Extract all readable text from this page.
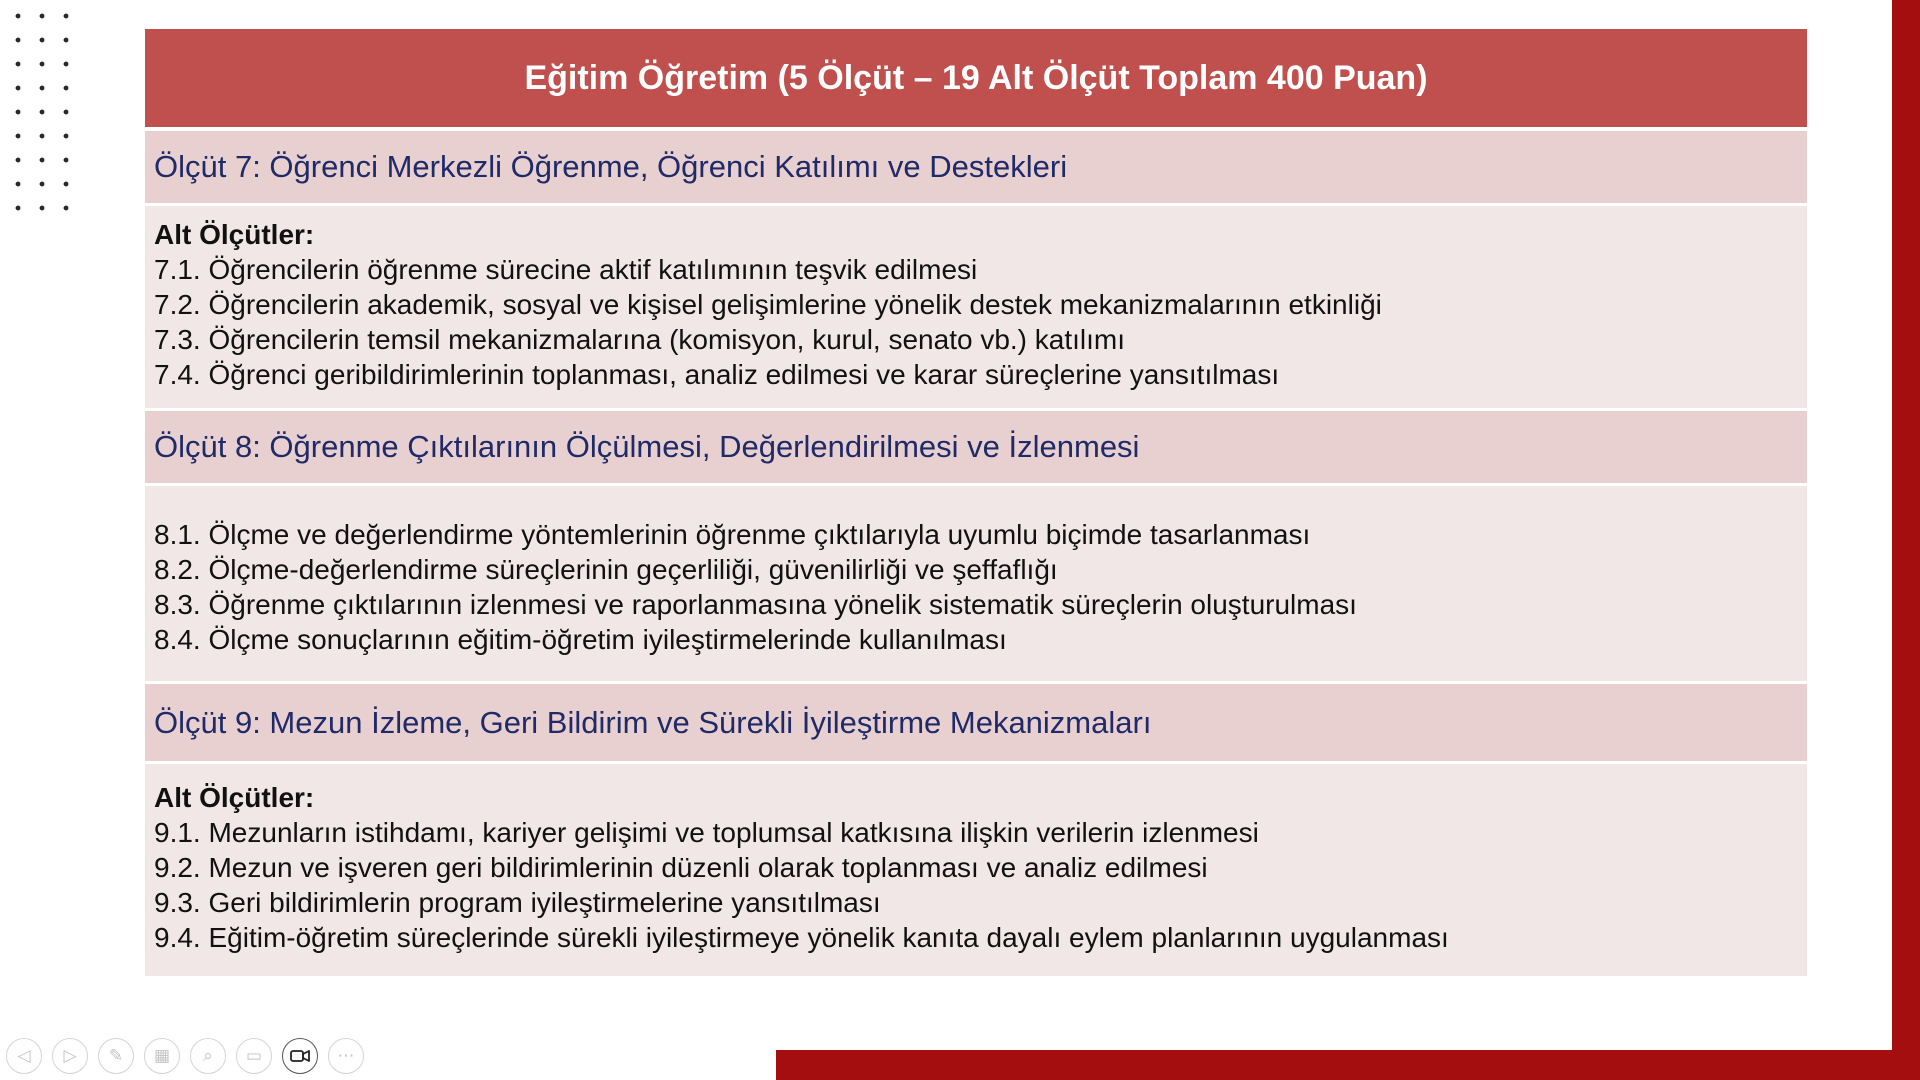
Eğitim Öğretim (5 Ölçüt – 19 Alt Ölçüt Toplam 400 Puan)
Ölçüt 7: Öğrenci Merkezli Öğrenme, Öğrenci Katılımı ve Destekleri
Alt Ölçütler:
7.1. Öğrencilerin öğrenme sürecine aktif katılımının teşvik edilmesi
7.2. Öğrencilerin akademik, sosyal ve kişisel gelişimlerine yönelik destek mekanizmalarının etkinliği
7.3. Öğrencilerin temsil mekanizmalarına (komisyon, kurul, senato vb.) katılımı
7.4. Öğrenci geribildirimlerinin toplanması, analiz edilmesi ve karar süreçlerine yansıtılması
Ölçüt 8: Öğrenme Çıktılarının Ölçülmesi, Değerlendirilmesi ve İzlenmesi
8.1. Ölçme ve değerlendirme yöntemlerinin öğrenme çıktılarıyla uyumlu biçimde tasarlanması
8.2. Ölçme-değerlendirme süreçlerinin geçerliliği, güvenilirliği ve şeffaflığı
8.3. Öğrenme çıktılarının izlenmesi ve raporlanmasına yönelik sistematik süreçlerin oluşturulması
8.4. Ölçme sonuçlarının eğitim-öğretim iyileştirmelerinde kullanılması
Ölçüt 9: Mezun İzleme, Geri Bildirim ve Sürekli İyileştirme Mekanizmaları
Alt Ölçütler:
9.1. Mezunların istihdamı, kariyer gelişimi ve toplumsal katkısına ilişkin verilerin izlenmesi
9.2. Mezun ve işveren geri bildirimlerinin düzenli olarak toplanması ve analiz edilmesi
9.3. Geri bildirimlerin program iyileştirmelerine yansıtılması
9.4. Eğitim-öğretim süreçlerinde sürekli iyileştirmeye yönelik kanıta dayalı eylem planlarının uygulanması
◁ ▷ ✎ ▦ ⌕ ▭	⋯
